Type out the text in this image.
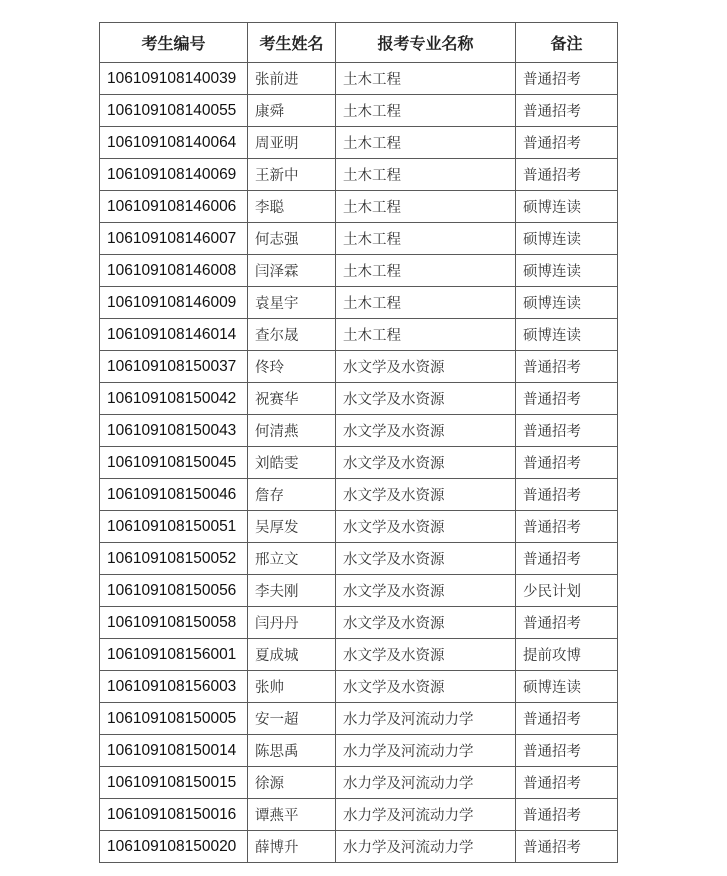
考生编号	考生姓名	报考专业名称	备注
106109108140039	张前进	土木工程	普通招考
106109108140055	康舜	土木工程	普通招考
106109108140064	周亚明	土木工程	普通招考
106109108140069	王新中	土木工程	普通招考
106109108146006	李聪	土木工程	硕博连读
106109108146007	何志强	土木工程	硕博连读
106109108146008	闫泽霖	土木工程	硕博连读
106109108146009	袁星宇	土木工程	硕博连读
106109108146014	查尔晟	土木工程	硕博连读
106109108150037	佟玲	水文学及水资源	普通招考
106109108150042	祝赛华	水文学及水资源	普通招考
106109108150043	何清燕	水文学及水资源	普通招考
106109108150045	刘皓雯	水文学及水资源	普通招考
106109108150046	詹存	水文学及水资源	普通招考
106109108150051	吴厚发	水文学及水资源	普通招考
106109108150052	邢立文	水文学及水资源	普通招考
106109108150056	李夫刚	水文学及水资源	少民计划
106109108150058	闫丹丹	水文学及水资源	普通招考
106109108156001	夏成城	水文学及水资源	提前攻博
106109108156003	张帅	水文学及水资源	硕博连读
106109108150005	安一超	水力学及河流动力学	普通招考
106109108150014	陈思禹	水力学及河流动力学	普通招考
106109108150015	徐源	水力学及河流动力学	普通招考
106109108150016	谭燕平	水力学及河流动力学	普通招考
106109108150020	薛博升	水力学及河流动力学	普通招考
